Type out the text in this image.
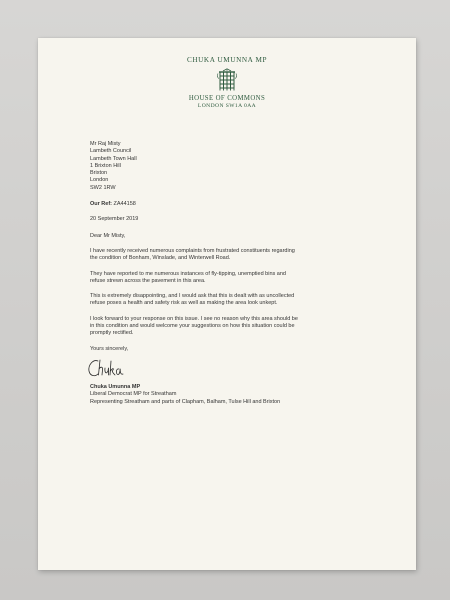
CHUKA UMUNNA MP
HOUSE OF COMMONS
LONDON SW1A 0AA
Mr Raj Misty
Lambeth Council
Lambeth Town Hall
1 Brixton Hill
Brixton
London
SW2 1RW
Our Ref: ZA44158
20 September 2019
Dear Mr Misty,
I have recently received numerous complaints from frustrated constituents regarding
the condition of Bonham, Winslade, and Winterwell Road.
They have reported to me numerous instances of fly-tipping, unemptied bins and
refuse strewn across the pavement in this area.
This is extremely disappointing, and I would ask that this is dealt with as uncollected
refuse poses a health and safety risk as well as making the area look unkept.
I look forward to your response on this issue. I see no reason why this area should be
in this condition and would welcome your suggestions on how this situation could be
promptly rectified.
Yours sincerely,
Chuka Umunna MP
Liberal Democrat MP for Streatham
Representing Streatham and parts of Clapham, Balham, Tulse Hill and Brixton
